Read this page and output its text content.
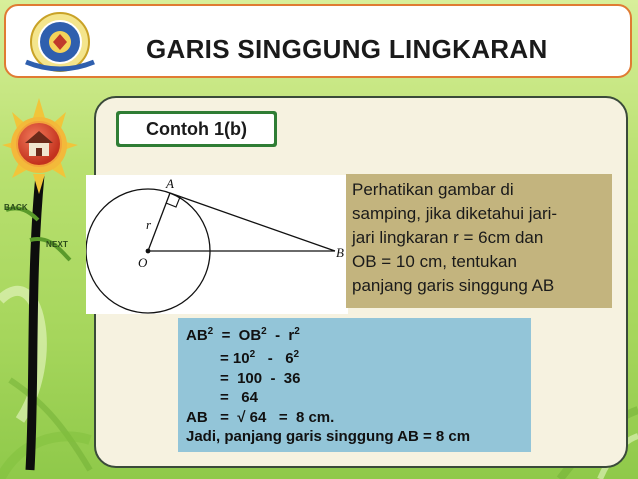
GARIS SINGGUNG LINGKARAN
BACK
NEXT
Contoh 1(b)
A
B
O
r
Perhatikan gambar di
samping, jika diketahui jari-
jari lingkaran r = 6cm dan
OB = 10 cm, tentukan
panjang garis singgung AB
$AB^2 = OB^2 - r^2$
= $10^2 - 6^2$
=  100  -  36
=   64
AB   =  √ 64   =  8 cm.
Jadi, panjang garis singgung AB = 8 cm
